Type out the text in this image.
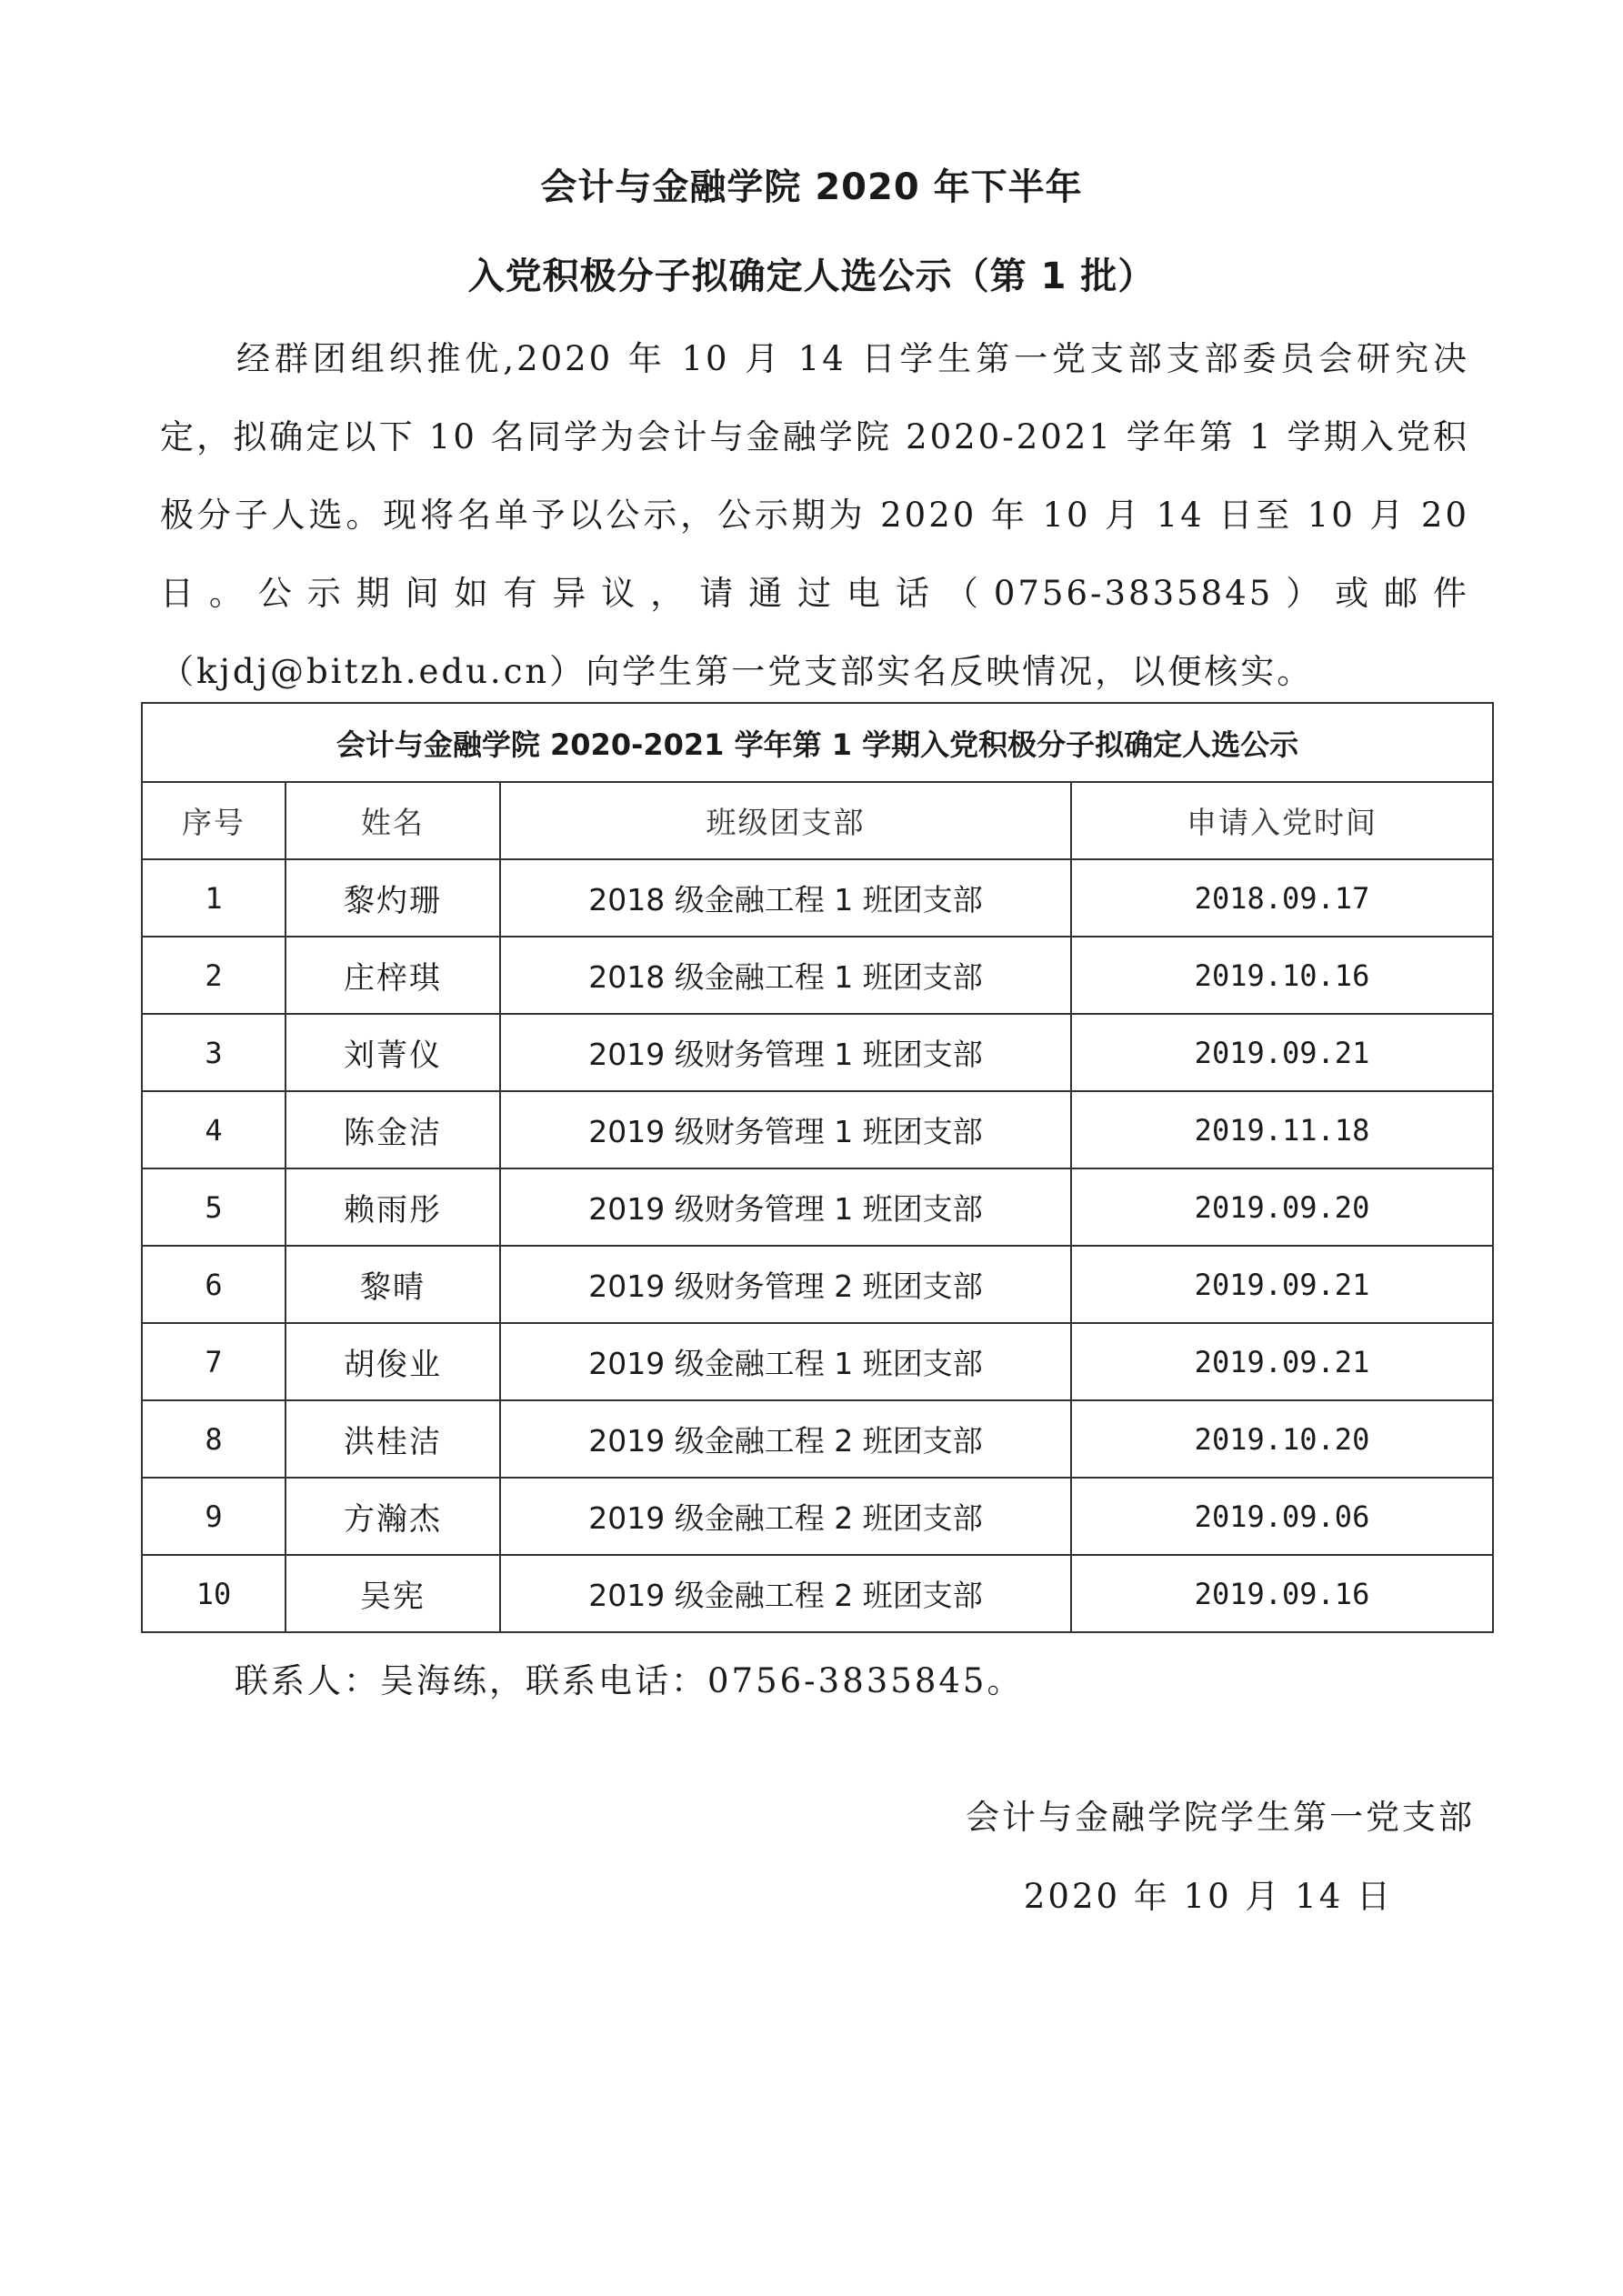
会计与金融学院 2020 年下半年
入党积极分子拟确定人选公示（第 1 批）
经群团组织推优,2020 年 10 月 14 日学生第一党支部支部委员会研究决定，拟确定以下 10 名同学为会计与金融学院 2020-2021 学年第 1 学期入党积极分子人选。现将名单予以公示，公示期为 2020 年 10 月 14 日至 10 月 20 日。公示期间如有异议，请通过电话（0756-3835845）或邮件（kjdj@bitzh.edu.cn）向学生第一党支部实名反映情况，以便核实。
会计与金融学院 2020-2021 学年第 1 学期入党积极分子拟确定人选公示			
序号	姓名	班级团支部	申请入党时间
1	黎灼珊	2018 级金融工程 1 班团支部	2018.09.17
2	庄梓琪	2018 级金融工程 1 班团支部	2019.10.16
3	刘菁仪	2019 级财务管理 1 班团支部	2019.09.21
4	陈金洁	2019 级财务管理 1 班团支部	2019.11.18
5	赖雨彤	2019 级财务管理 1 班团支部	2019.09.20
6	黎晴	2019 级财务管理 2 班团支部	2019.09.21
7	胡俊业	2019 级金融工程 1 班团支部	2019.09.21
8	洪桂洁	2019 级金融工程 2 班团支部	2019.10.20
9	方瀚杰	2019 级金融工程 2 班团支部	2019.09.06
10	吴宪	2019 级金融工程 2 班团支部	2019.09.16
联系人：吴海练，联系电话：0756-3835845。
会计与金融学院学生第一党支部
2020 年 10 月 14 日
